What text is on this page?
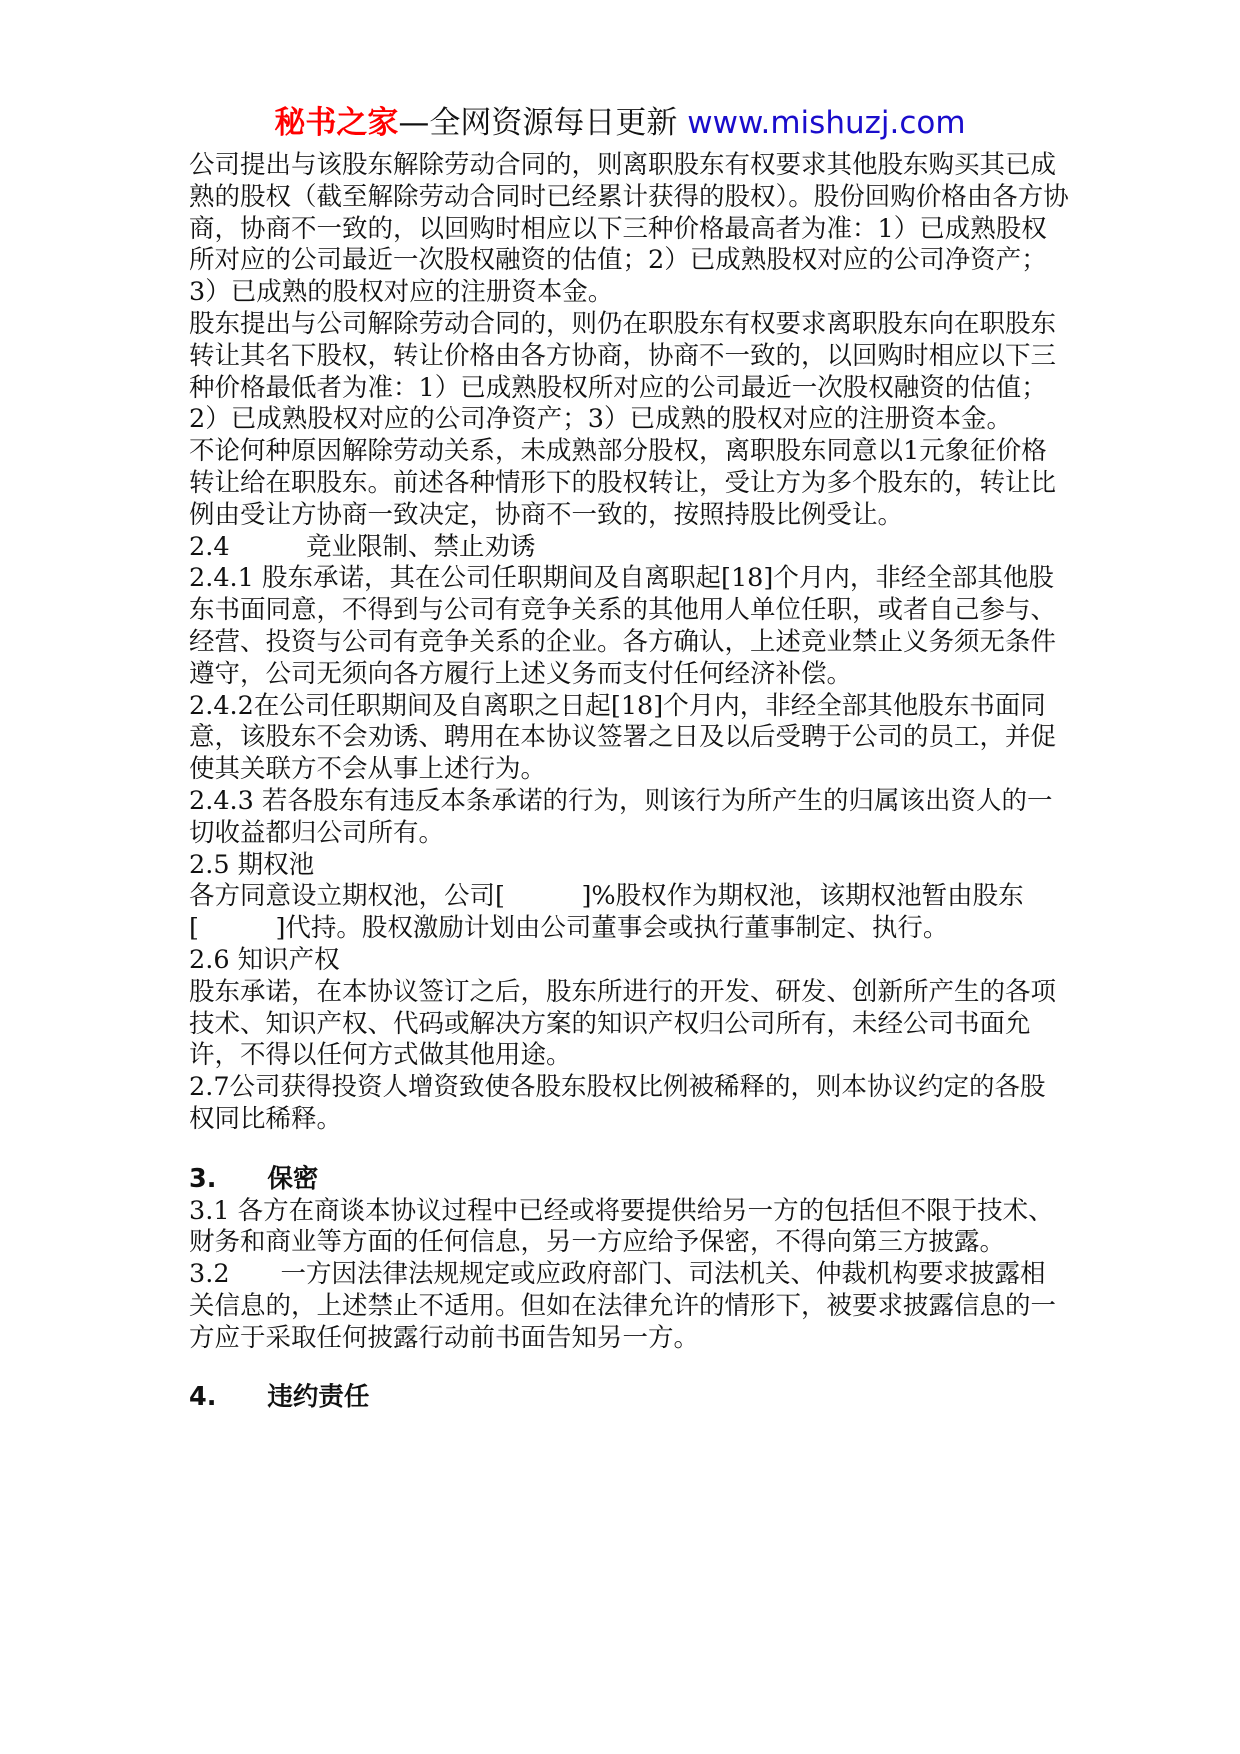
秘书之家—全网资源每日更新 www.mishuzj.com

公司提出与该股东解除劳动合同的，则离职股东有权要求其他股东购买其已成熟的股权（截至解除劳动合同时已经累计获得的股权）。股份回购价格由各方协商，协商不一致的，以回购时相应以下三种价格最高者为准：1）已成熟股权所对应的公司最近一次股权融资的估值；2）已成熟股权对应的公司净资产；3）已成熟的股权对应的注册资本金。

股东提出与公司解除劳动合同的，则仍在职股东有权要求离职股东向在职股东转让其名下股权，转让价格由各方协商，协商不一致的，以回购时相应以下三种价格最低者为准：1）已成熟股权所对应的公司最近一次股权融资的估值；2）已成熟股权对应的公司净资产；3）已成熟的股权对应的注册资本金。

不论何种原因解除劳动关系，未成熟部分股权，离职股东同意以1元象征价格转让给在职股东。前述各种情形下的股权转让，受让方为多个股东的，转让比例由受让方协商一致决定，协商不一致的，按照持股比例受让。

2.4　　　竞业限制、禁止劝诱

2.4.1 股东承诺，其在公司任职期间及自离职起[18]个月内，非经全部其他股东书面同意，不得到与公司有竞争关系的其他用人单位任职，或者自己参与、经营、投资与公司有竞争关系的企业。各方确认，上述竞业禁止义务须无条件遵守，公司无须向各方履行上述义务而支付任何经济补偿。

2.4.2在公司任职期间及自离职之日起[18]个月内，非经全部其他股东书面同意，该股东不会劝诱、聘用在本协议签署之日及以后受聘于公司的员工，并促使其关联方不会从事上述行为。

2.4.3 若各股东有违反本条承诺的行为，则该行为所产生的归属该出资人的一切收益都归公司所有。

2.5 期权池

各方同意设立期权池，公司[　　　]%股权作为期权池，该期权池暂由股东[　　　]代持。股权激励计划由公司董事会或执行董事制定、执行。

2.6 知识产权

股东承诺，在本协议签订之后，股东所进行的开发、研发、创新所产生的各项技术、知识产权、代码或解决方案的知识产权归公司所有，未经公司书面允许，不得以任何方式做其他用途。

2.7公司获得投资人增资致使各股东股权比例被稀释的，则本协议约定的各股权同比稀释。

3.　　保密

3.1 各方在商谈本协议过程中已经或将要提供给另一方的包括但不限于技术、财务和商业等方面的任何信息，另一方应给予保密，不得向第三方披露。

3.2　　一方因法律法规规定或应政府部门、司法机关、仲裁机构要求披露相关信息的，上述禁止不适用。但如在法律允许的情形下，被要求披露信息的一方应于采取任何披露行动前书面告知另一方。

4.　　违约责任
